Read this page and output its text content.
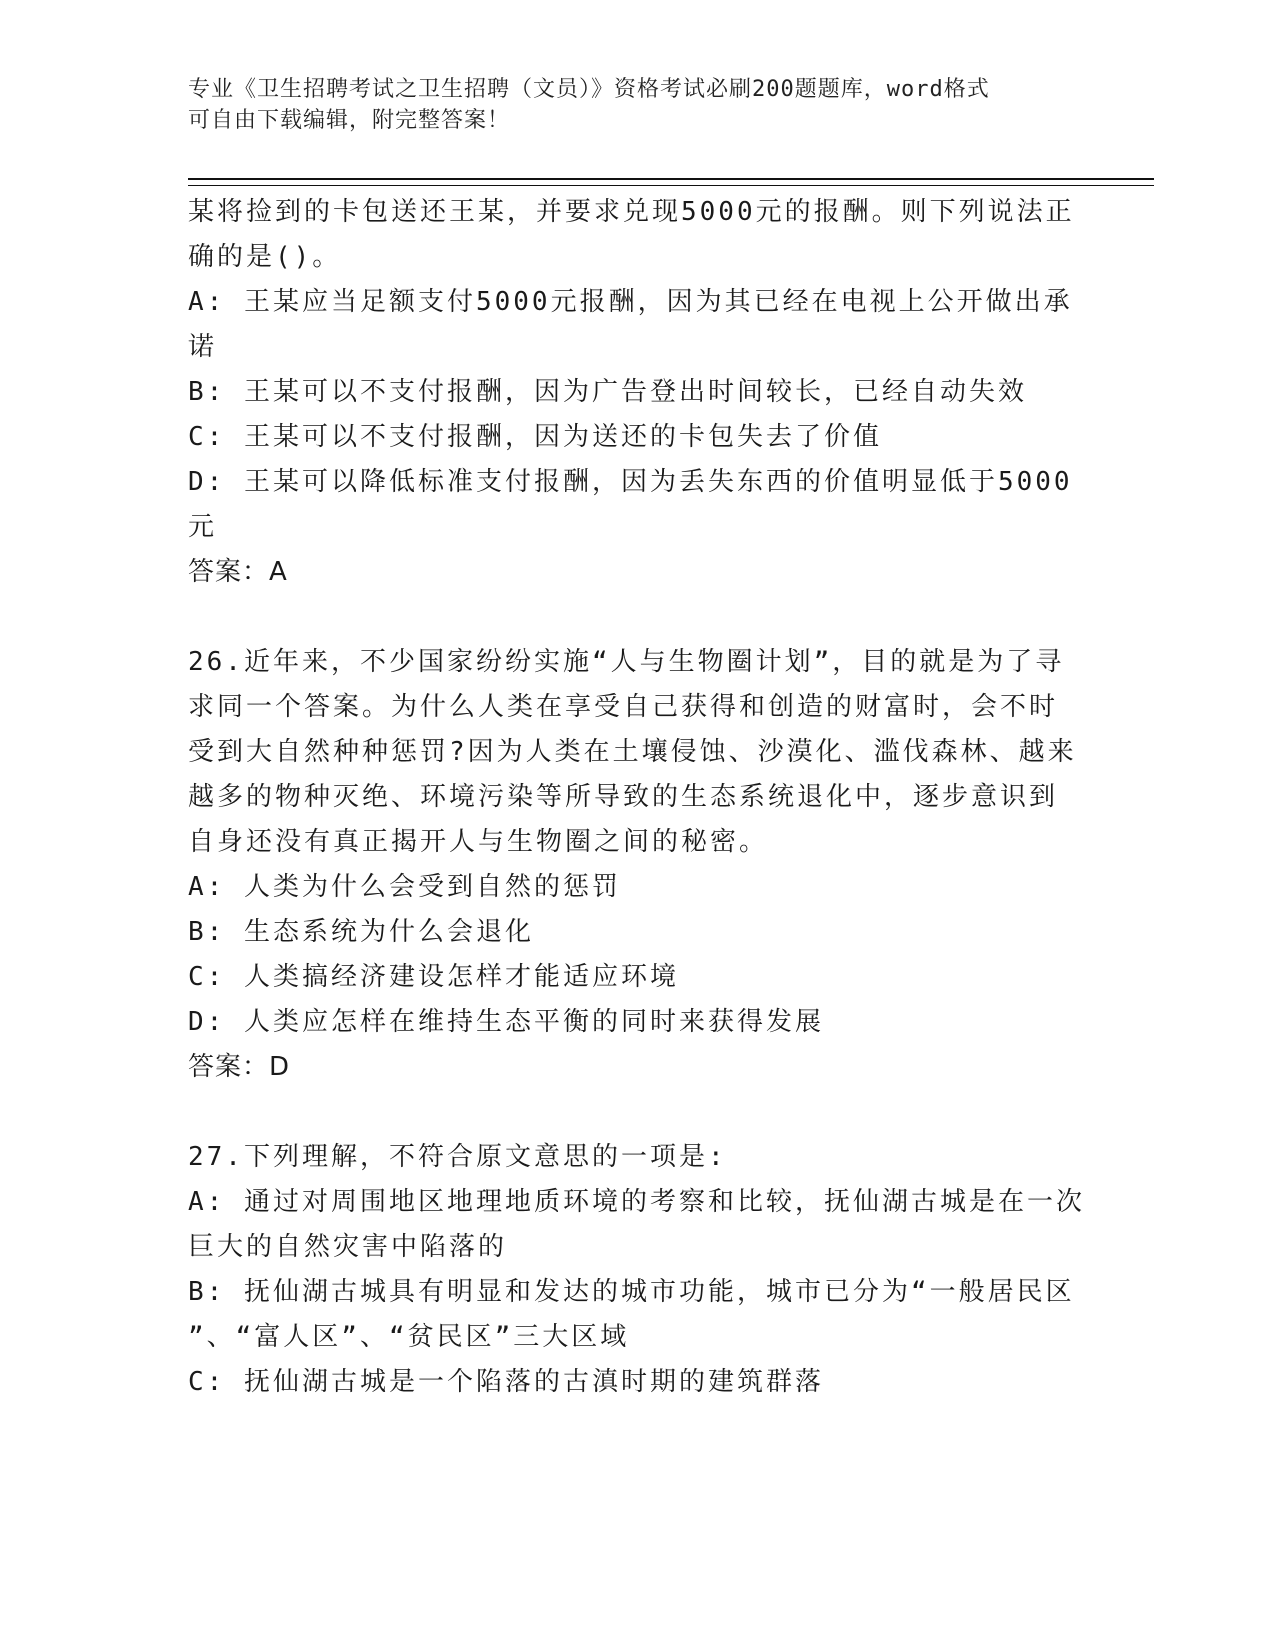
专业《卫生招聘考试之卫生招聘（文员）》资格考试必刷200题题库，word格式
可自由下载编辑，附完整答案！

某将捡到的卡包送还王某，并要求兑现5000元的报酬。则下列说法正

确的是()。

A: 王某应当足额支付5000元报酬，因为其已经在电视上公开做出承

诺

B: 王某可以不支付报酬，因为广告登出时间较长，已经自动失效

C: 王某可以不支付报酬，因为送还的卡包失去了价值

D: 王某可以降低标准支付报酬，因为丢失东西的价值明显低于5000

元

答案：A

26.近年来，不少国家纷纷实施“人与生物圈计划”，目的就是为了寻

求同一个答案。为什么人类在享受自己获得和创造的财富时，会不时

受到大自然种种惩罚?因为人类在土壤侵蚀、沙漠化、滥伐森林、越来

越多的物种灭绝、环境污染等所导致的生态系统退化中，逐步意识到

自身还没有真正揭开人与生物圈之间的秘密。

A: 人类为什么会受到自然的惩罚

B: 生态系统为什么会退化

C: 人类搞经济建设怎样才能适应环境

D: 人类应怎样在维持生态平衡的同时来获得发展

答案：D

27.下列理解，不符合原文意思的一项是:

A: 通过对周围地区地理地质环境的考察和比较，抚仙湖古城是在一次

巨大的自然灾害中陷落的

B: 抚仙湖古城具有明显和发达的城市功能，城市已分为“一般居民区

”、“富人区”、“贫民区”三大区域

C: 抚仙湖古城是一个陷落的古滇时期的建筑群落
